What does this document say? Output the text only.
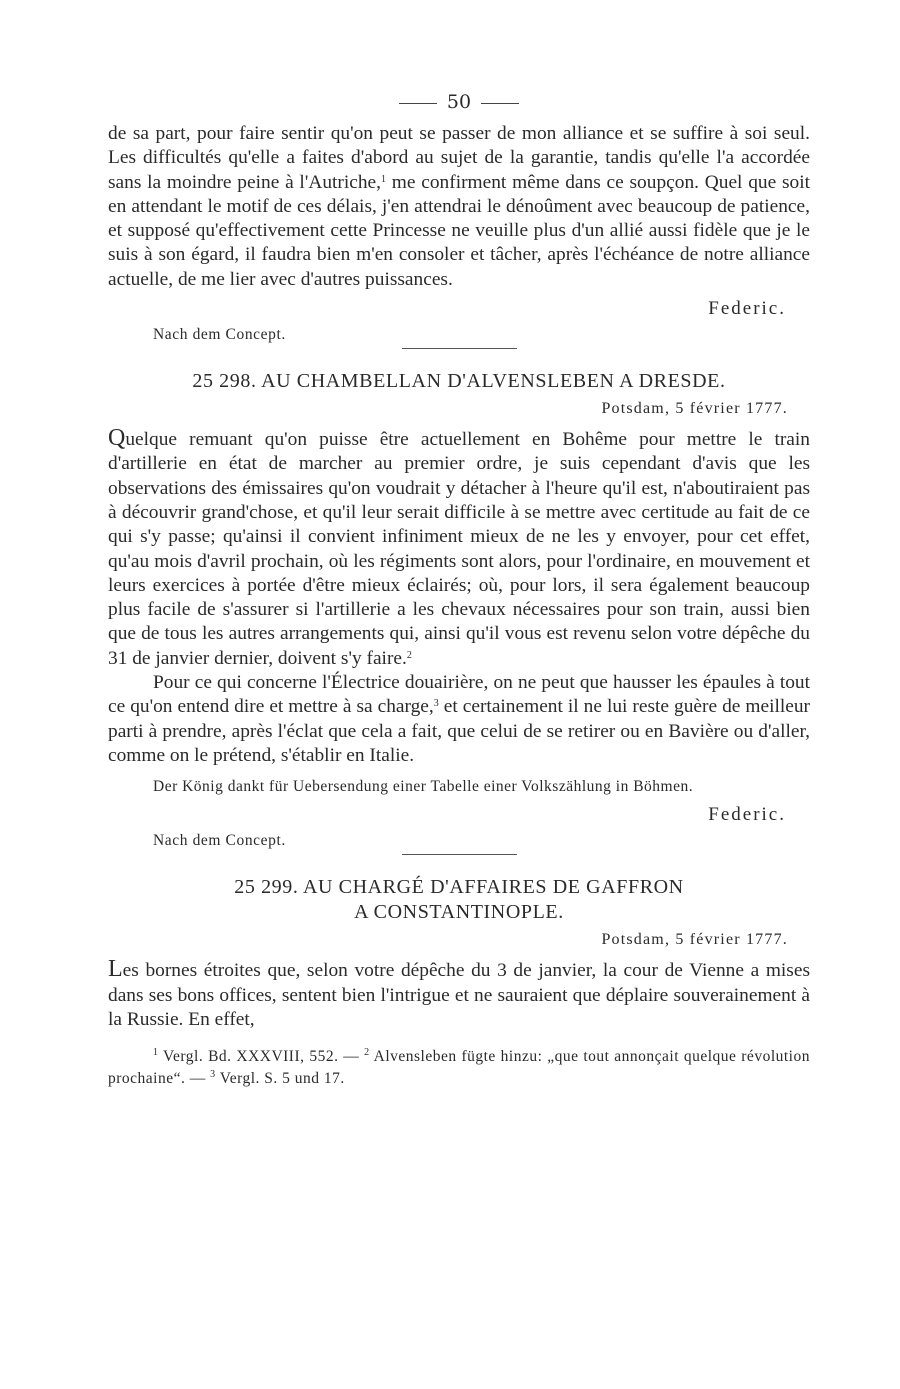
50

de sa part, pour faire sentir qu'on peut se passer de mon alliance et se suffire à soi seul. Les difficultés qu'elle a faites d'abord au sujet de la garantie, tandis qu'elle l'a accordée sans la moindre peine à l'Autriche,$^1$ me confirment même dans ce soupçon. Quel que soit en attendant le motif de ces délais, j'en attendrai le dénoûment avec beaucoup de patience, et supposé qu'effectivement cette Princesse ne veuille plus d'un allié aussi fidèle que je le suis à son égard, il faudra bien m'en consoler et tâcher, après l'échéance de notre alliance actuelle, de me lier avec d'autres puissances.

Federic.

Nach dem Concept.

25 298. AU CHAMBELLAN D'ALVENSLEBEN A DRESDE.

Potsdam, 5 février 1777.

Quelque remuant qu'on puisse être actuellement en Bohême pour mettre le train d'artillerie en état de marcher au premier ordre, je suis cependant d'avis que les observations des émissaires qu'on voudrait y détacher à l'heure qu'il est, n'aboutiraient pas à découvrir grand'chose, et qu'il leur serait difficile à se mettre avec certitude au fait de ce qui s'y passe; qu'ainsi il convient infiniment mieux de ne les y envoyer, pour cet effet, qu'au mois d'avril prochain, où les régiments sont alors, pour l'ordinaire, en mouvement et leurs exercices à portée d'être mieux éclairés; où, pour lors, il sera également beaucoup plus facile de s'assurer si l'artillerie a les chevaux nécessaires pour son train, aussi bien que de tous les autres arrangements qui, ainsi qu'il vous est revenu selon votre dépêche du 31 de janvier dernier, doivent s'y faire.$^2$

Pour ce qui concerne l'Électrice douairière, on ne peut que hausser les épaules à tout ce qu'on entend dire et mettre à sa charge,$^3$ et certainement il ne lui reste guère de meilleur parti à prendre, après l'éclat que cela a fait, que celui de se retirer ou en Bavière ou d'aller, comme on le prétend, s'établir en Italie.

Der König dankt für Uebersendung einer Tabelle einer Volkszählung in Böhmen.

Federic.

Nach dem Concept.

25 299. AU CHARGÉ D'AFFAIRES DE GAFFRON

A CONSTANTINOPLE.

Potsdam, 5 février 1777.

Les bornes étroites que, selon votre dépêche du 3 de janvier, la cour de Vienne a mises dans ses bons offices, sentent bien l'intrigue et ne sauraient que déplaire souverainement à la Russie. En effet,

$^1$ Vergl. Bd. XXXVIII, 552. — $^2$ Alvensleben fügte hinzu: „que tout annonçait quelque révolution prochaine“. — $^3$ Vergl. S. 5 und 17.
